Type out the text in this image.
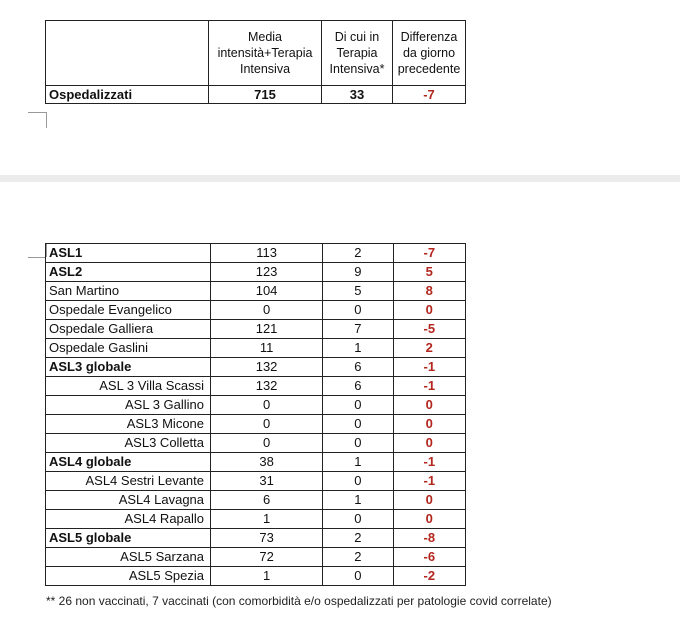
	Media intensità+Terapia Intensiva	Di cui in Terapia Intensiva*	Differenza da giorno precedente
Ospedalizzati	715	33	-7
ASL1	113	2	-7
ASL2	123	9	5
San Martino	104	5	8
Ospedale Evangelico	0	0	0
Ospedale Galliera	121	7	-5
Ospedale Gaslini	11	1	2
ASL3 globale	132	6	-1
ASL 3 Villa Scassi	132	6	-1
ASL 3 Gallino	0	0	0
ASL3 Micone	0	0	0
ASL3 Colletta	0	0	0
ASL4 globale	38	1	-1
ASL4 Sestri Levante	31	0	-1
ASL4 Lavagna	6	1	0
ASL4 Rapallo	1	0	0
ASL5 globale	73	2	-8
ASL5 Sarzana	72	2	-6
ASL5 Spezia	1	0	-2
** 26 non vaccinati, 7 vaccinati (con comorbidità e/o ospedalizzati per patologie covid correlate)
